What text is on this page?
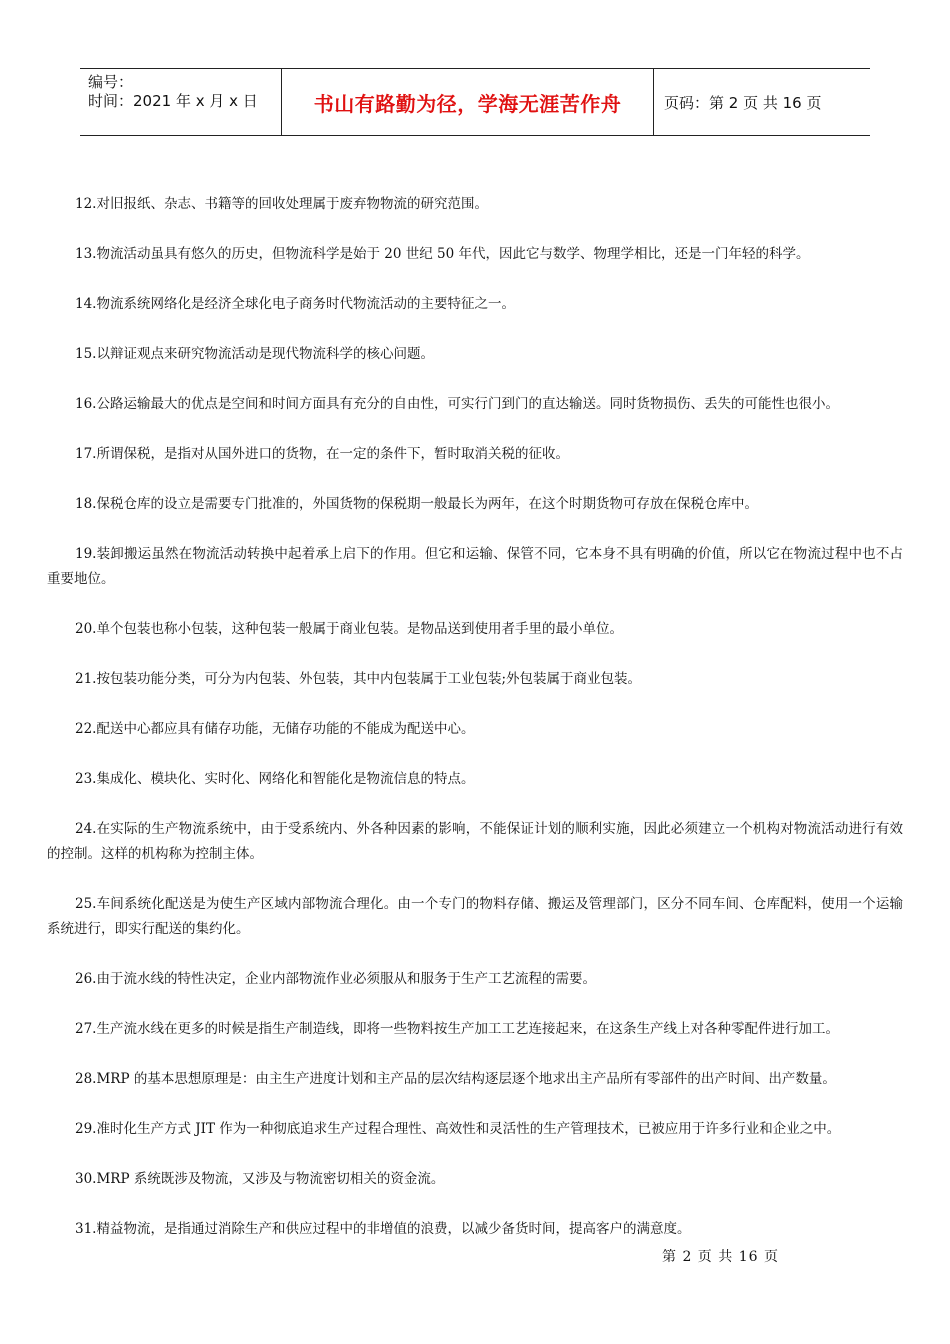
编号：
时间：2021 年 x 月 x 日	书山有路勤为径，学海无涯苦作舟	页码：第 2 页 共 16 页

12.对旧报纸、杂志、书籍等的回收处理属于废弃物物流的研究范围。

13.物流活动虽具有悠久的历史，但物流科学是始于 20 世纪 50 年代，因此它与数学、物理学相比，还是一门年轻的科学。

14.物流系统网络化是经济全球化电子商务时代物流活动的主要特征之一。

15.以辩证观点来研究物流活动是现代物流科学的核心问题。

16.公路运输最大的优点是空间和时间方面具有充分的自由性，可实行门到门的直达输送。同时货物损伤、丢失的可能性也很小。

17.所谓保税，是指对从国外进口的货物，在一定的条件下，暂时取消关税的征收。

18.保税仓库的设立是需要专门批准的，外国货物的保税期一般最长为两年，在这个时期货物可存放在保税仓库中。

19.装卸搬运虽然在物流活动转换中起着承上启下的作用。但它和运输、保管不同，它本身不具有明确的价值，所以它在物流过程中也不占重要地位。

20.单个包装也称小包装，这种包装一般属于商业包装。是物品送到使用者手里的最小单位。

21.按包装功能分类，可分为内包装、外包装，其中内包装属于工业包装;外包装属于商业包装。

22.配送中心都应具有储存功能，无储存功能的不能成为配送中心。

23.集成化、模块化、实时化、网络化和智能化是物流信息的特点。

24.在实际的生产物流系统中，由于受系统内、外各种因素的影响，不能保证计划的顺利实施，因此必须建立一个机构对物流活动进行有效的控制。这样的机构称为控制主体。

25.车间系统化配送是为使生产区域内部物流合理化。由一个专门的物料存储、搬运及管理部门，区分不同车间、仓库配料，使用一个运输系统进行，即实行配送的集约化。

26.由于流水线的特性决定，企业内部物流作业必须服从和服务于生产工艺流程的需要。

27.生产流水线在更多的时候是指生产制造线，即将一些物料按生产加工工艺连接起来，在这条生产线上对各种零配件进行加工。

28.MRP 的基本思想原理是：由主生产进度计划和主产品的层次结构逐层逐个地求出主产品所有零部件的出产时间、出产数量。

29.准时化生产方式 JIT 作为一种彻底追求生产过程合理性、高效性和灵活性的生产管理技术，已被应用于许多行业和企业之中。

30.MRP 系统既涉及物流，又涉及与物流密切相关的资金流。

31.精益物流，是指通过消除生产和供应过程中的非增值的浪费，以减少备货时间，提高客户的满意度。

第 2 页 共 16 页
